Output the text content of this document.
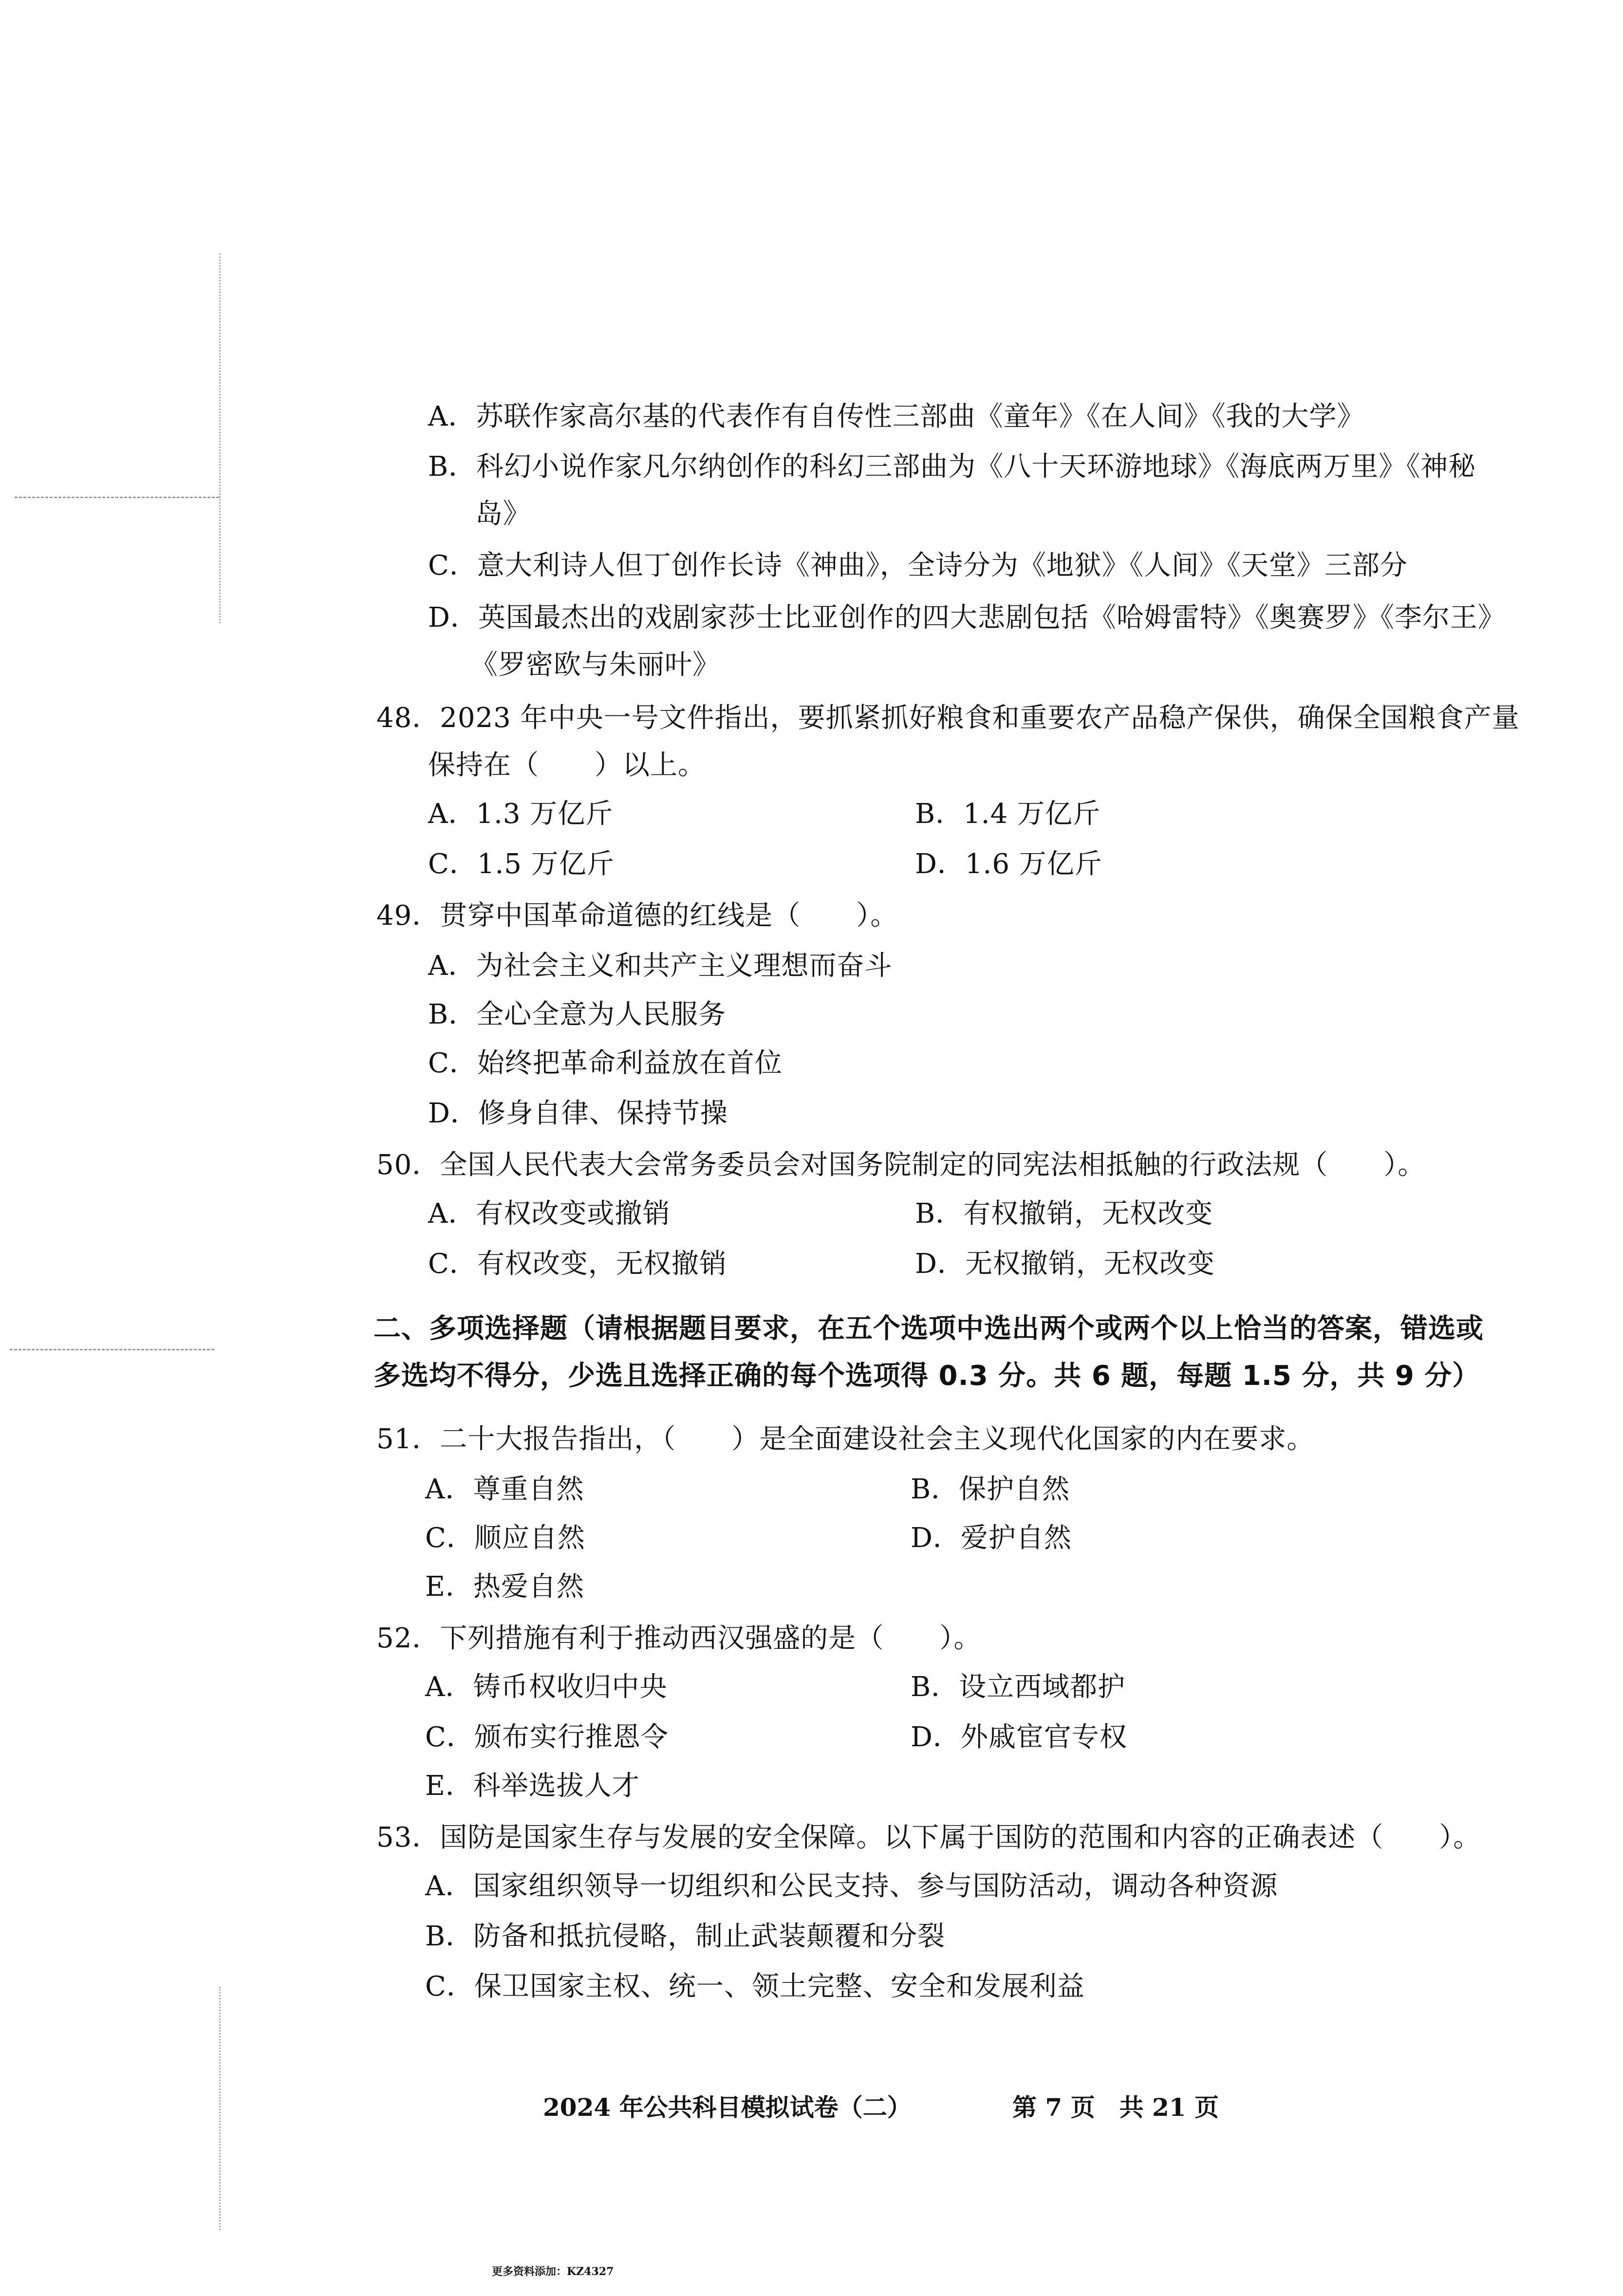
A．苏联作家高尔基的代表作有自传性三部曲《童年》《在人间》《我的大学》
B．科幻小说作家凡尔纳创作的科幻三部曲为《八十天环游地球》《海底两万里》《神秘
岛》
C．意大利诗人但丁创作长诗《神曲》，全诗分为《地狱》《人间》《天堂》三部分
D．英国最杰出的戏剧家莎士比亚创作的四大悲剧包括《哈姆雷特》《奥赛罗》《李尔王》
《罗密欧与朱丽叶》
48．2023 年中央一号文件指出，要抓紧抓好粮食和重要农产品稳产保供，确保全国粮食产量
保持在（　　）以上。
A．1.3 万亿斤	B．1.4 万亿斤
C．1.5 万亿斤	D．1.6 万亿斤
49．贯穿中国革命道德的红线是（　　）。
A．为社会主义和共产主义理想而奋斗
B．全心全意为人民服务
C．始终把革命利益放在首位
D．修身自律、保持节操
50．全国人民代表大会常务委员会对国务院制定的同宪法相抵触的行政法规（　　）。
A．有权改变或撤销	B．有权撤销，无权改变
C．有权改变，无权撤销	D．无权撤销，无权改变
二、多项选择题（请根据题目要求，在五个选项中选出两个或两个以上恰当的答案，错选或
多选均不得分，少选且选择正确的每个选项得 0.3 分。共 6 题，每题 1.5 分，共 9 分）
51．二十大报告指出，（　　）是全面建设社会主义现代化国家的内在要求。
A．尊重自然	B．保护自然
C．顺应自然	D．爱护自然
E．热爱自然
52．下列措施有利于推动西汉强盛的是（　　）。
A．铸币权收归中央	B．设立西域都护
C．颁布实行推恩令	D．外戚宦官专权
E．科举选拔人才
53．国防是国家生存与发展的安全保障。以下属于国防的范围和内容的正确表述（　　）。
A．国家组织领导一切组织和公民支持、参与国防活动，调动各种资源
B．防备和抵抗侵略，制止武装颠覆和分裂
C．保卫国家主权、统一、领土完整、安全和发展利益
2024 年公共科目模拟试卷（二）	第 7 页　共 21 页
更多资料添加：KZ4327
